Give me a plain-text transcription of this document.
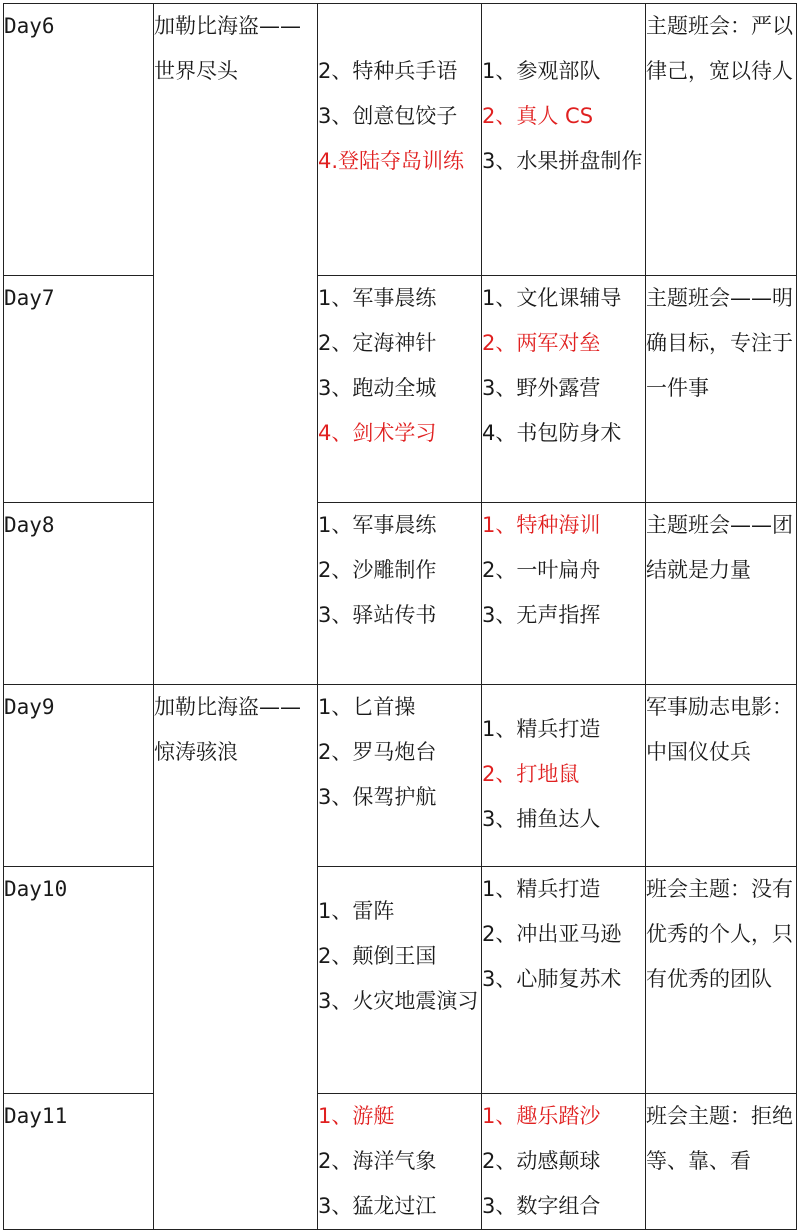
Day6	加勒比海盗——世界尽头	2、特种兵手语
3、创意包饺子
4.登陆夺岛训练	1、参观部队
2、真人 CS
3、水果拼盘制作	主题班会：严以律己，宽以待人
Day7		1、军事晨练
2、定海神针
3、跑动全城
4、剑术学习	1、文化课辅导
2、两军对垒
3、野外露营
4、书包防身术	主题班会——明确目标，专注于一件事
Day8		1、军事晨练
2、沙雕制作
3、驿站传书	1、特种海训
2、一叶扁舟
3、无声指挥	主题班会——团结就是力量
Day9	加勒比海盗——惊涛骇浪	1、匕首操
2、罗马炮台
3、保驾护航	1、精兵打造
2、打地鼠
3、捕鱼达人	军事励志电影：中国仪仗兵
Day10		1、雷阵
2、颠倒王国
3、火灾地震演习	1、精兵打造
2、冲出亚马逊
3、心肺复苏术	班会主题：没有优秀的个人，只有优秀的团队
Day11		1、游艇
2、海洋气象
3、猛龙过江	1、趣乐踏沙
2、动感颠球
3、数字组合	班会主题：拒绝等、靠、看
